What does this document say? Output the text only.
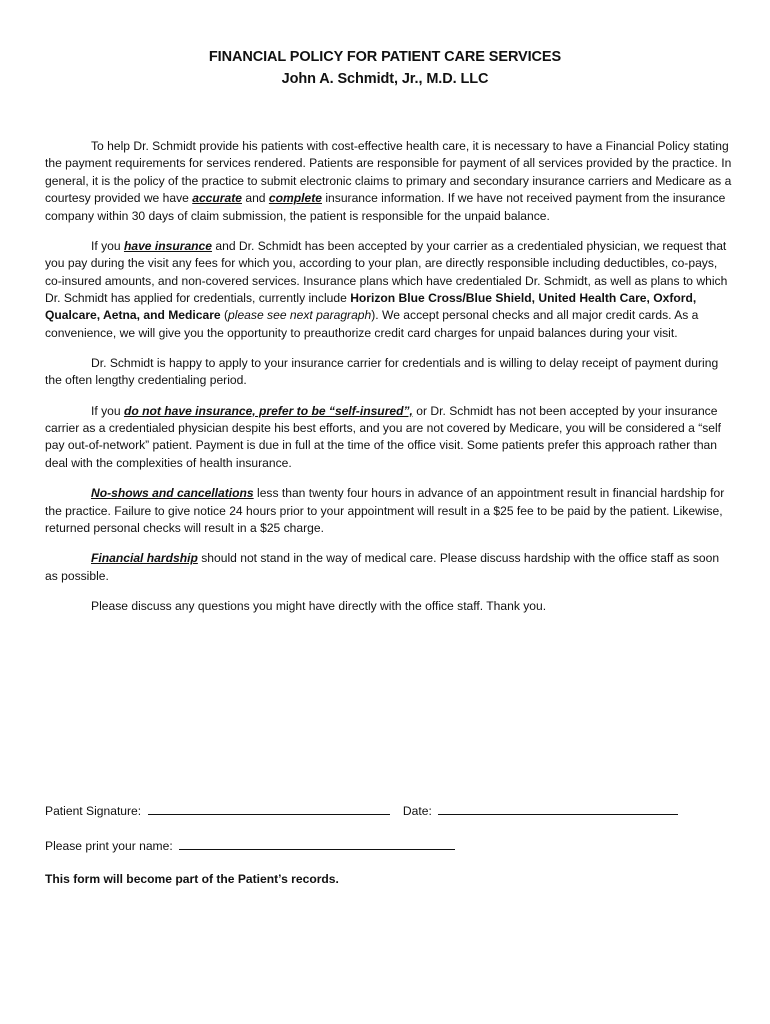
FINANCIAL POLICY FOR PATIENT CARE SERVICES
John A. Schmidt, Jr., M.D. LLC

To help Dr. Schmidt provide his patients with cost-effective health care, it is necessary to have a Financial Policy stating the payment requirements for services rendered. Patients are responsible for payment of all services provided by the practice. In general, it is the policy of the practice to submit electronic claims to primary and secondary insurance carriers and Medicare as a courtesy provided we have accurate and complete insurance information. If we have not received payment from the insurance company within 30 days of claim submission, the patient is responsible for the unpaid balance.

If you have insurance and Dr. Schmidt has been accepted by your carrier as a credentialed physician, we request that you pay during the visit any fees for which you, according to your plan, are directly responsible including deductibles, co-pays, co-insured amounts, and non-covered services. Insurance plans which have credentialed Dr. Schmidt, as well as plans to which Dr. Schmidt has applied for credentials, currently include Horizon Blue Cross/Blue Shield, United Health Care, Oxford, Qualcare, Aetna, and Medicare (please see next paragraph). We accept personal checks and all major credit cards. As a convenience, we will give you the opportunity to preauthorize credit card charges for unpaid balances during your visit.

Dr. Schmidt is happy to apply to your insurance carrier for credentials and is willing to delay receipt of payment during the often lengthy credentialing period.

If you do not have insurance, prefer to be “self-insured”, or Dr. Schmidt has not been accepted by your insurance carrier as a credentialed physician despite his best efforts, and you are not covered by Medicare, you will be considered a “self pay out-of-network” patient. Payment is due in full at the time of the office visit. Some patients prefer this approach rather than deal with the complexities of health insurance.

No-shows and cancellations less than twenty four hours in advance of an appointment result in financial hardship for the practice. Failure to give notice 24 hours prior to your appointment will result in a $25 fee to be paid by the patient. Likewise, returned personal checks will result in a $25 charge.

Financial hardship should not stand in the way of medical care. Please discuss hardship with the office staff as soon as possible.

Please discuss any questions you might have directly with the office staff. Thank you.

Patient Signature:	Date:
Please print your name:
This form will become part of the Patient’s records.
